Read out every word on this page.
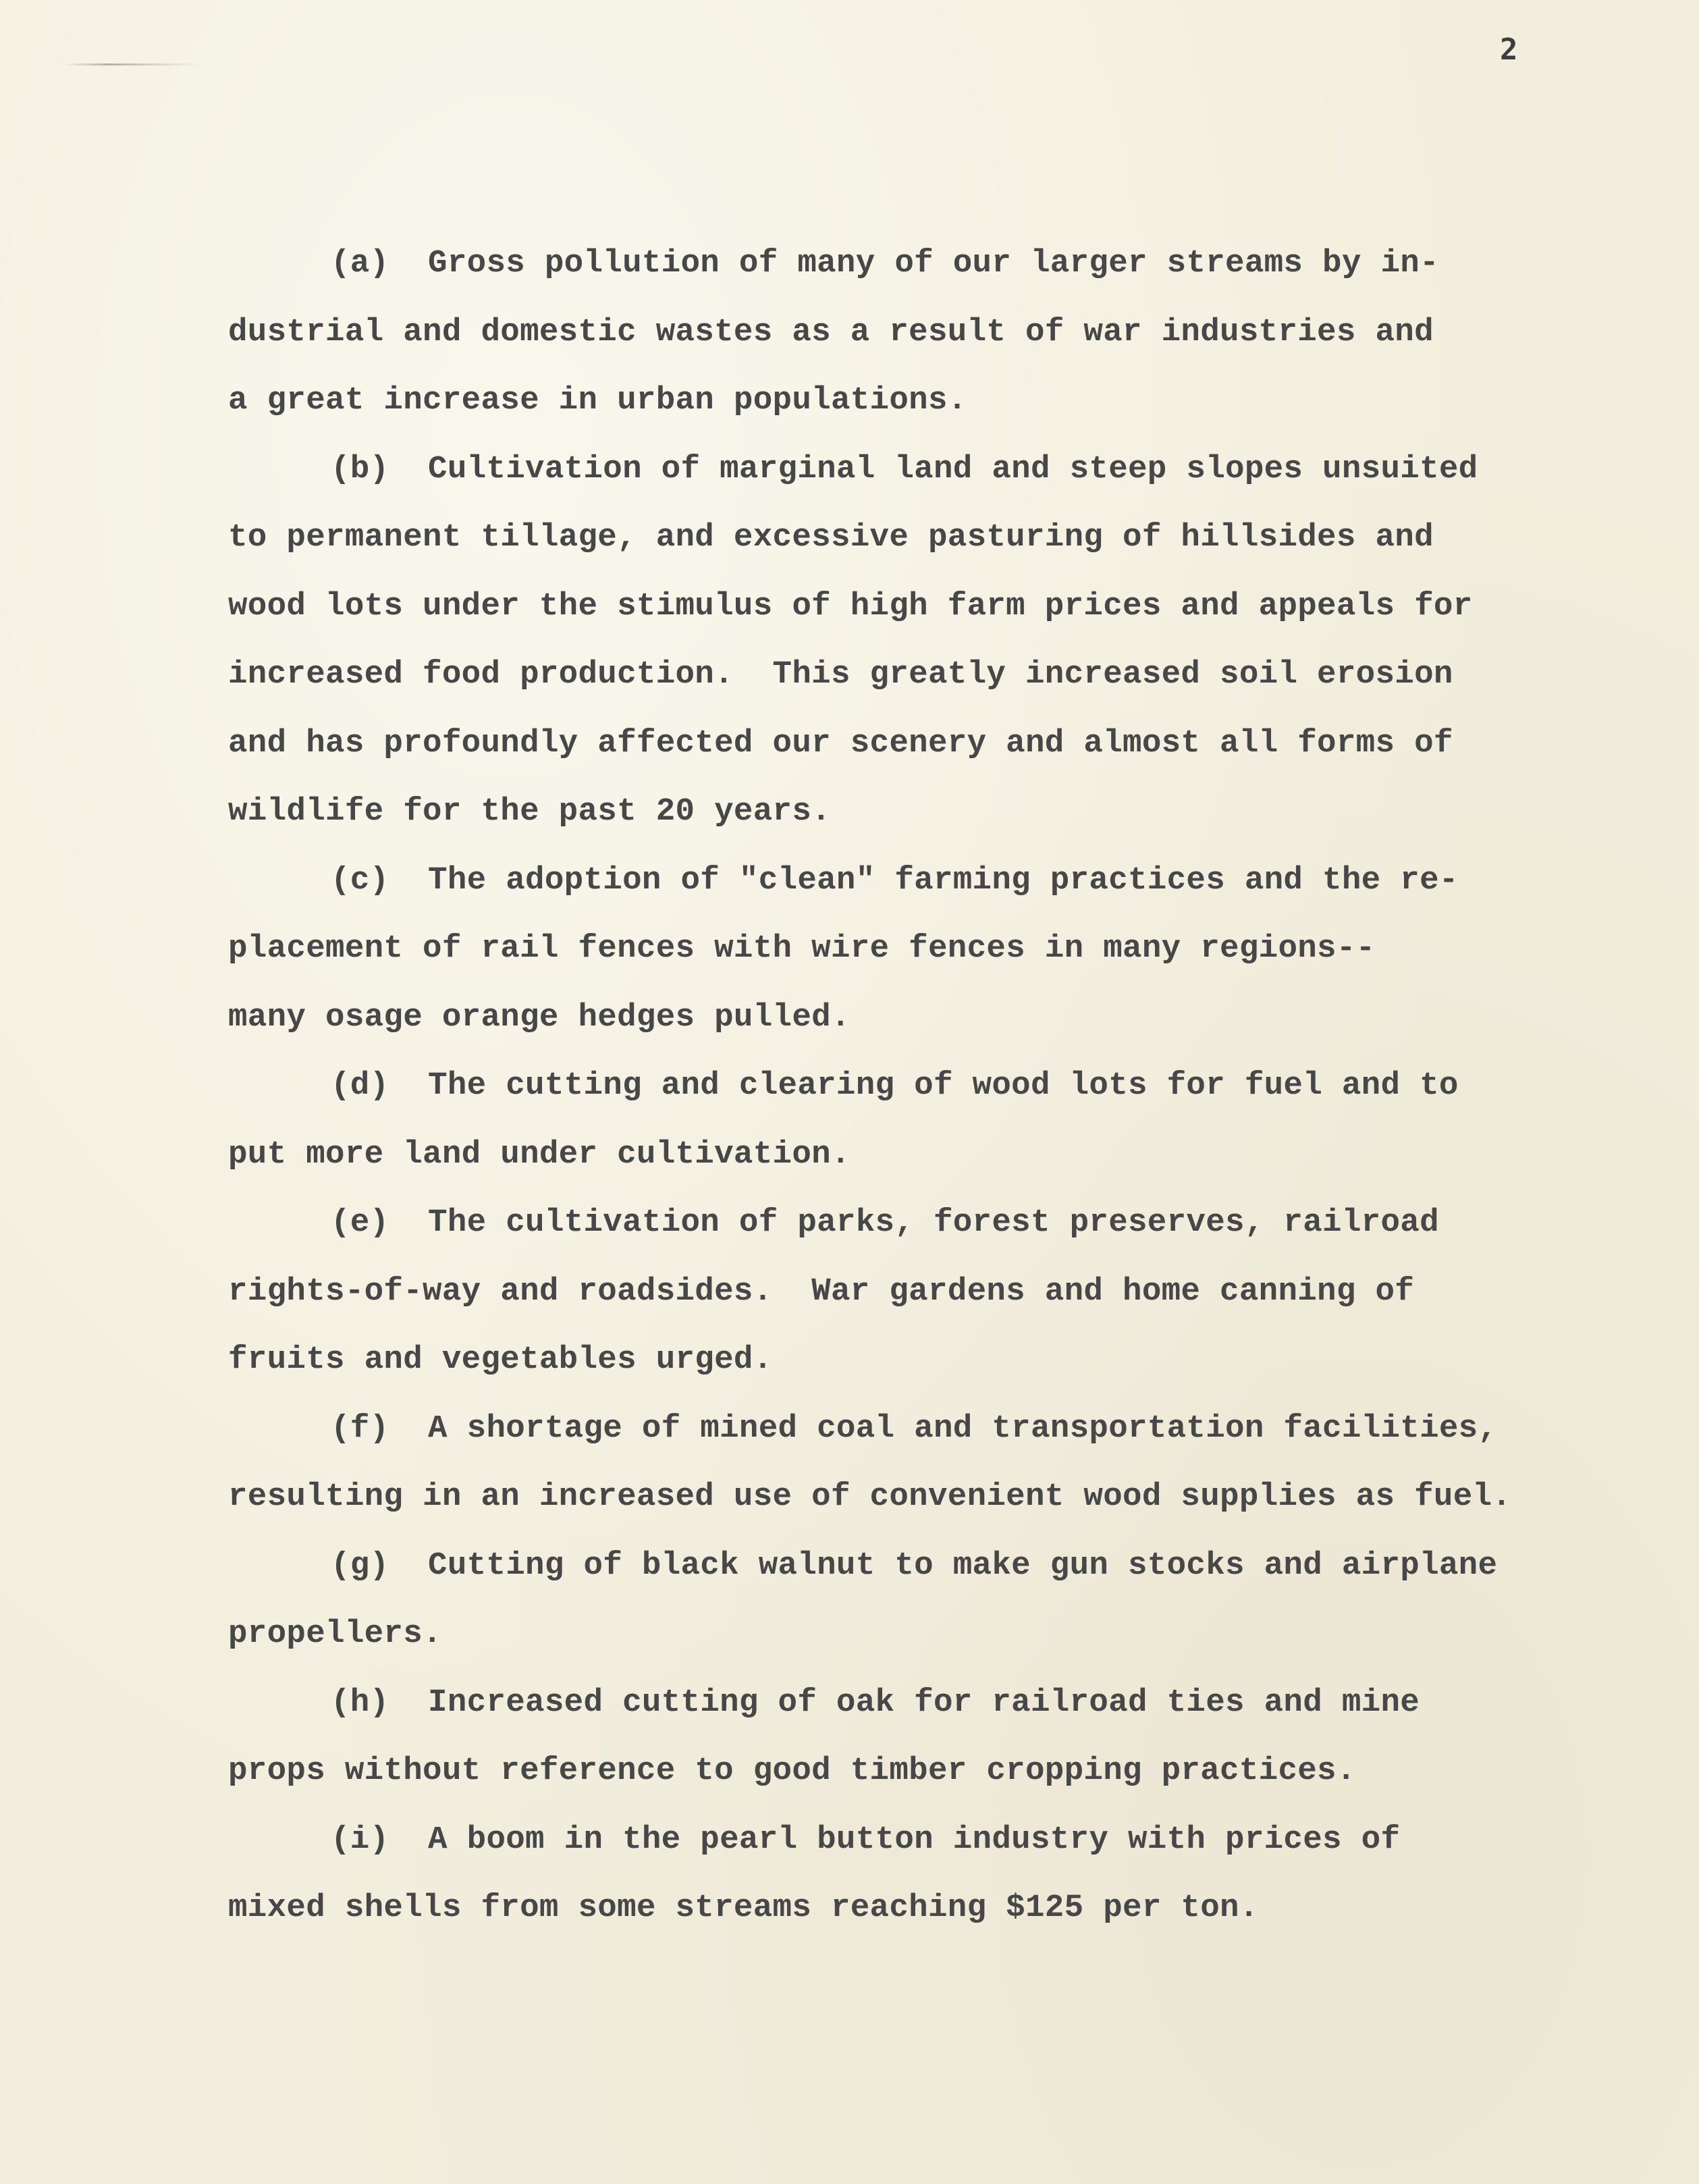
2
(a) Gross pollution of many of our larger streams by in-
dustrial and domestic wastes as a result of war industries and
a great increase in urban populations.
(b) Cultivation of marginal land and steep slopes unsuited
to permanent tillage, and excessive pasturing of hillsides and
wood lots under the stimulus of high farm prices and appeals for
increased food production.  This greatly increased soil erosion
and has profoundly affected our scenery and almost all forms of
wildlife for the past 20 years.
(c) The adoption of "clean" farming practices and the re-
placement of rail fences with wire fences in many regions--
many osage orange hedges pulled.
(d) The cutting and clearing of wood lots for fuel and to
put more land under cultivation.
(e) The cultivation of parks, forest preserves, railroad
rights-of-way and roadsides.  War gardens and home canning of
fruits and vegetables urged.
(f) A shortage of mined coal and transportation facilities,
resulting in an increased use of convenient wood supplies as fuel.
(g) Cutting of black walnut to make gun stocks and airplane
propellers.
(h) Increased cutting of oak for railroad ties and mine
props without reference to good timber cropping practices.
(i) A boom in the pearl button industry with prices of
mixed shells from some streams reaching $125 per ton.
